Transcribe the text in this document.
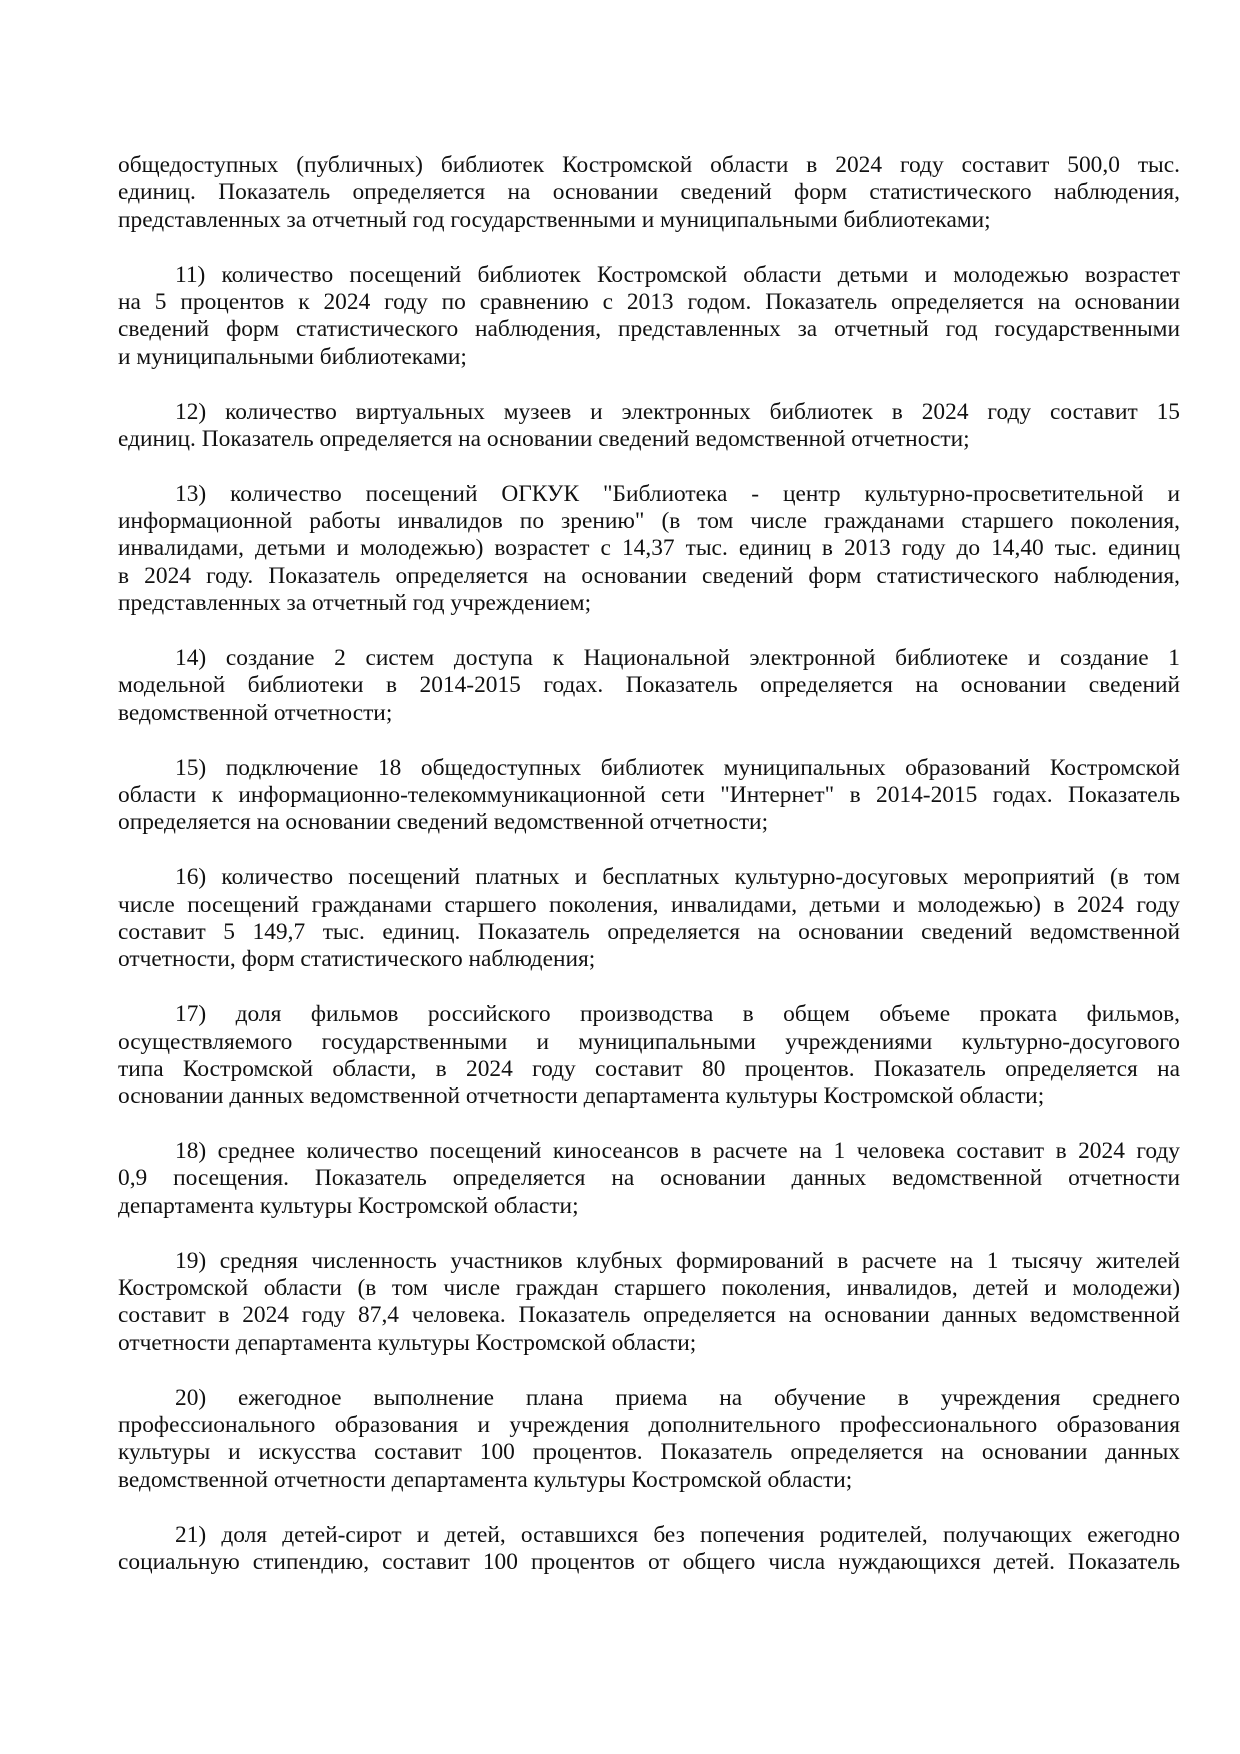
общедоступных (публичных) библиотек Костромской области в 2024 году составит 500,0 тыс.
единиц. Показатель определяется на основании сведений форм статистического наблюдения,
представленных за отчетный год государственными и муниципальными библиотеками;

11) количество посещений библиотек Костромской области детьми и молодежью возрастет
на 5 процентов к 2024 году по сравнению с 2013 годом. Показатель определяется на основании
сведений форм статистического наблюдения, представленных за отчетный год государственными
и муниципальными библиотеками;

12) количество виртуальных музеев и электронных библиотек в 2024 году составит 15
единиц. Показатель определяется на основании сведений ведомственной отчетности;

13) количество посещений ОГКУК "Библиотека - центр культурно-просветительной и
информационной работы инвалидов по зрению" (в том числе гражданами старшего поколения,
инвалидами, детьми и молодежью) возрастет с 14,37 тыс. единиц в 2013 году до 14,40 тыс. единиц
в 2024 году. Показатель определяется на основании сведений форм статистического наблюдения,
представленных за отчетный год учреждением;

14) создание 2 систем доступа к Национальной электронной библиотеке и создание 1
модельной библиотеки в 2014-2015 годах. Показатель определяется на основании сведений
ведомственной отчетности;

15) подключение 18 общедоступных библиотек муниципальных образований Костромской
области к информационно-телекоммуникационной сети "Интернет" в 2014-2015 годах. Показатель
определяется на основании сведений ведомственной отчетности;

16) количество посещений платных и бесплатных культурно-досуговых мероприятий (в том
числе посещений гражданами старшего поколения, инвалидами, детьми и молодежью) в 2024 году
составит 5 149,7 тыс. единиц. Показатель определяется на основании сведений ведомственной
отчетности, форм статистического наблюдения;

17) доля фильмов российского производства в общем объеме проката фильмов,
осуществляемого государственными и муниципальными учреждениями культурно-досугового
типа Костромской области, в 2024 году составит 80 процентов. Показатель определяется на
основании данных ведомственной отчетности департамента культуры Костромской области;

18) среднее количество посещений киносеансов в расчете на 1 человека составит в 2024 году
0,9 посещения. Показатель определяется на основании данных ведомственной отчетности
департамента культуры Костромской области;

19) средняя численность участников клубных формирований в расчете на 1 тысячу жителей
Костромской области (в том числе граждан старшего поколения, инвалидов, детей и молодежи)
составит в 2024 году 87,4 человека. Показатель определяется на основании данных ведомственной
отчетности департамента культуры Костромской области;

20) ежегодное выполнение плана приема на обучение в учреждения среднего
профессионального образования и учреждения дополнительного профессионального образования
культуры и искусства составит 100 процентов. Показатель определяется на основании данных
ведомственной отчетности департамента культуры Костромской области;

21) доля детей-сирот и детей, оставшихся без попечения родителей, получающих ежегодно
социальную стипендию, составит 100 процентов от общего числа нуждающихся детей. Показатель
